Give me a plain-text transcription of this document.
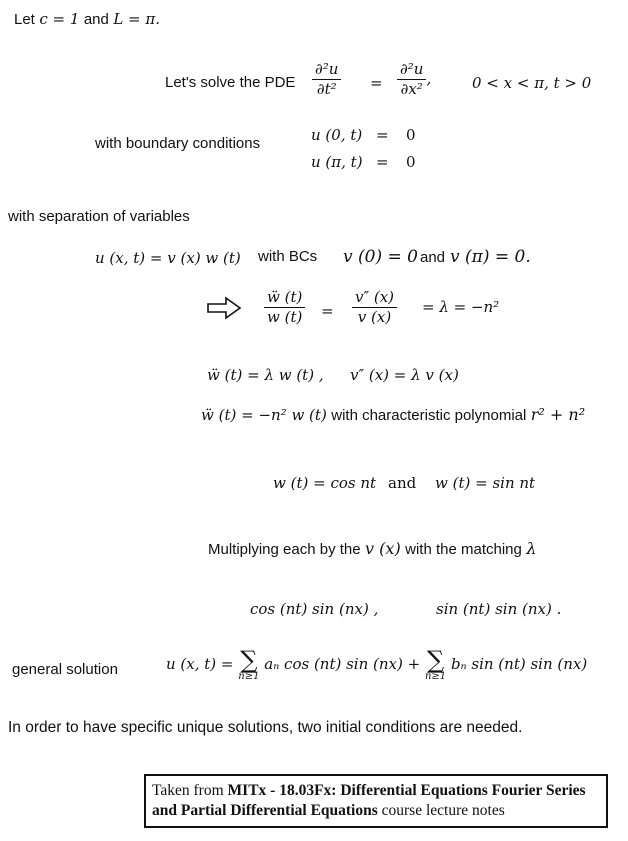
Let c = 1 and L = π.
Let's solve the PDE $\frac{\text{∂²u}}{\text{∂t²}} = \frac{\text{∂²u}}{\text{∂x²}}$ ,	0 < x < π, t > 0
with boundary conditions	u (0, t) = 0
u (π, t) = 0
with separation of variables
u (x, t) = v (x) w (t) with BCs v (0) = 0 and v (π) = 0.
$\frac{\text{ẅ (t)}}{w (t)} = \frac{v'' (x)}{v (x)} = \lambda = -n^2$
ẅ (t) = λ w (t) , v″ (x) = λ v (x)
ẅ (t) = −n² w (t) with characteristic polynomial r² + n²
w (t) = cos nt and w (t) = sin nt
Multiplying each by the v (x) with the matching λ
cos (nt) sin (nx) ,	sin (nt) sin (nx) .
general solution	u (x, t) = ∑
n≥1
aₙ cos (nt) sin (nx) + ∑
n≥1
bₙ sin (nt) sin (nx)
In order to have specific unique solutions, two initial conditions are needed.
Taken from MITx - 18.03Fx: Differential Equations Fourier Series and Partial Differential Equations course lecture notes
